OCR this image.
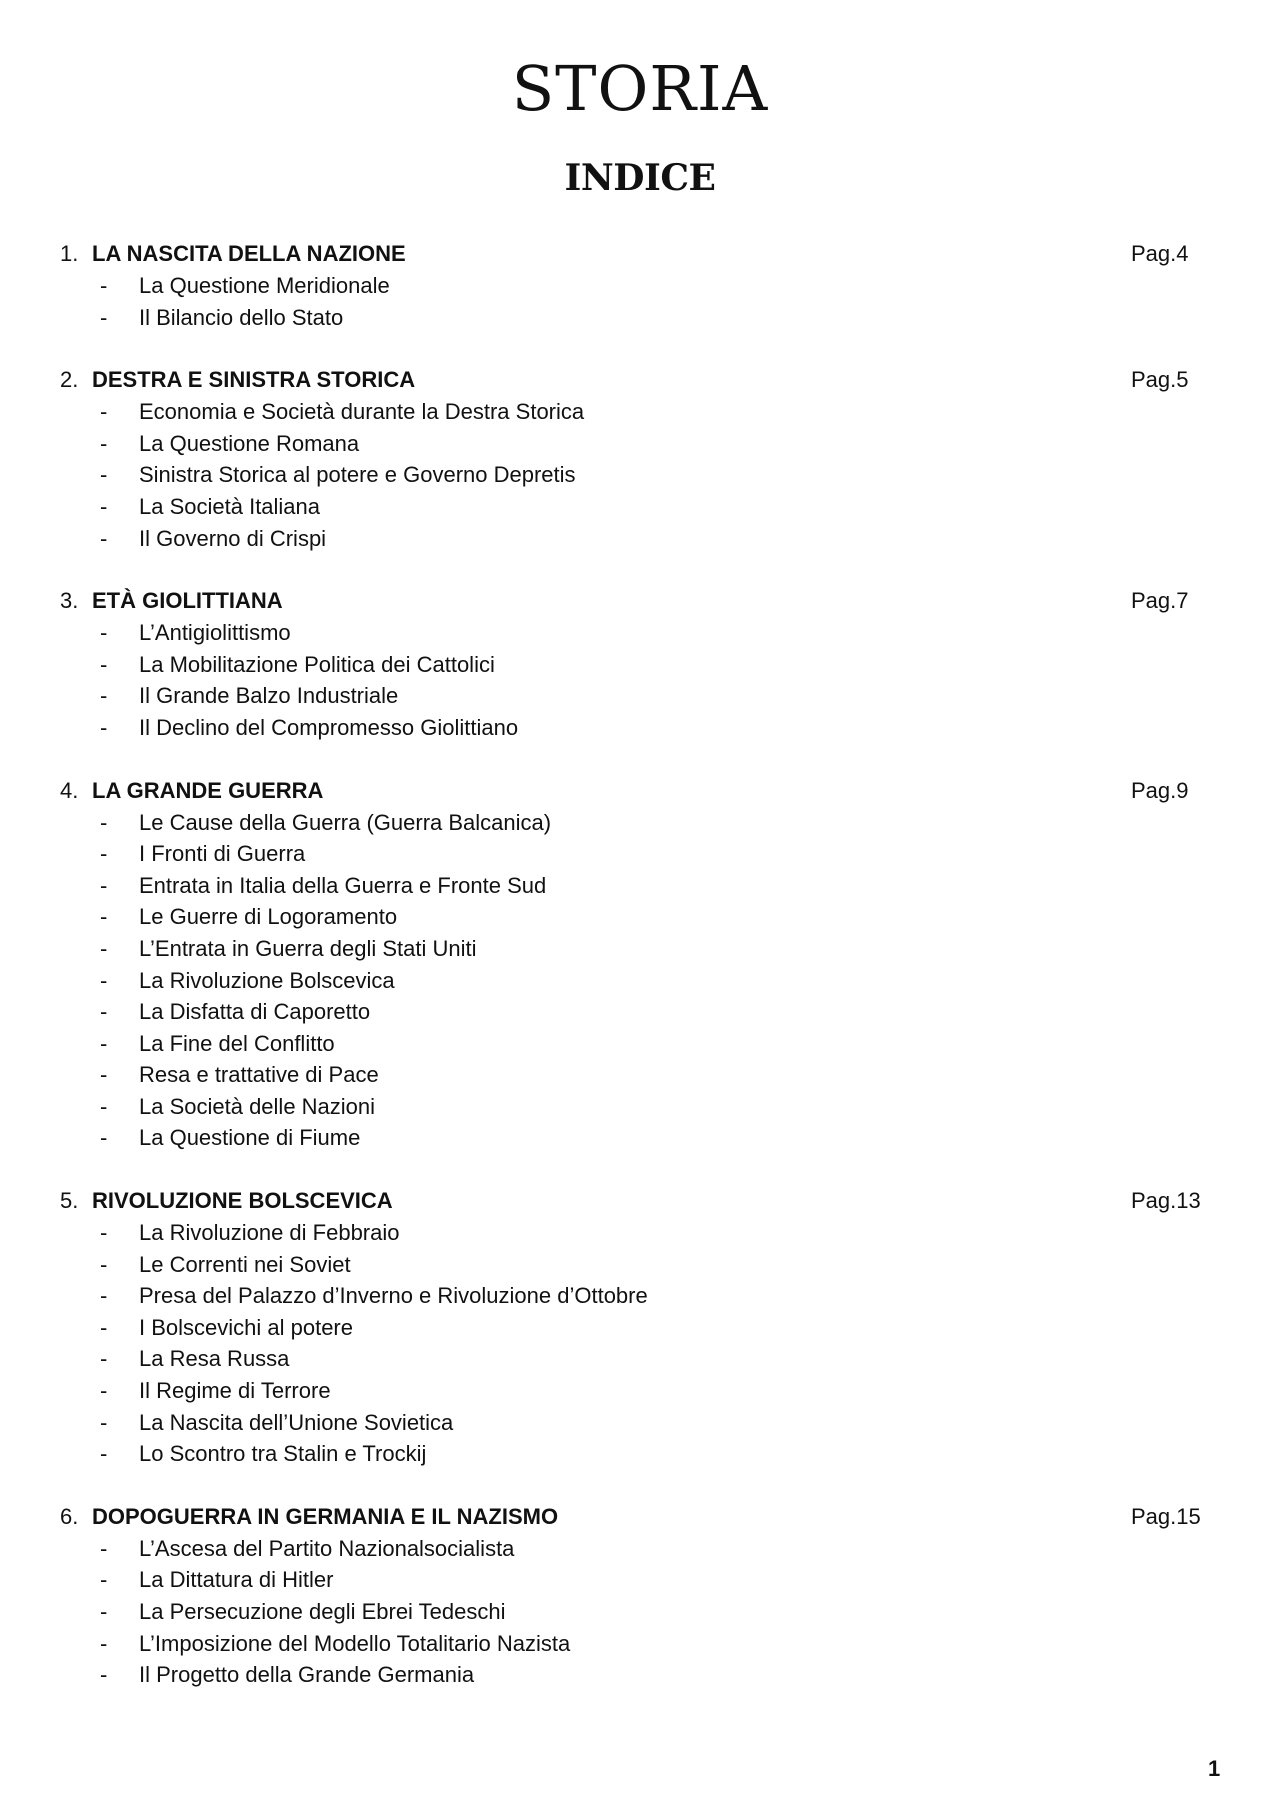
STORIA
INDICE
1. LA NASCITA DELLA NAZIONE	Pag.4
- La Questione Meridionale
- Il Bilancio dello Stato
2. DESTRA E SINISTRA STORICA	Pag.5
- Economia e Società durante la Destra Storica
- La Questione Romana
- Sinistra Storica al potere e Governo Depretis
- La Società Italiana
- Il Governo di Crispi
3. ETÀ GIOLITTIANA	Pag.7
- L’Antigiolittismo
- La Mobilitazione Politica dei Cattolici
- Il Grande Balzo Industriale
- Il Declino del Compromesso Giolittiano
4. LA GRANDE GUERRA	Pag.9
- Le Cause della Guerra (Guerra Balcanica)
- I Fronti di Guerra
- Entrata in Italia della Guerra e Fronte Sud
- Le Guerre di Logoramento
- L’Entrata in Guerra degli Stati Uniti
- La Rivoluzione Bolscevica
- La Disfatta di Caporetto
- La Fine del Conflitto
- Resa e trattative di Pace
- La Società delle Nazioni
- La Questione di Fiume
5. RIVOLUZIONE BOLSCEVICA	Pag.13
- La Rivoluzione di Febbraio
- Le Correnti nei Soviet
- Presa del Palazzo d’Inverno e Rivoluzione d’Ottobre
- I Bolscevichi al potere
- La Resa Russa
- Il Regime di Terrore
- La Nascita dell’Unione Sovietica
- Lo Scontro tra Stalin e Trockij
6. DOPOGUERRA IN GERMANIA E IL NAZISMO	Pag.15
- L’Ascesa del Partito Nazionalsocialista
- La Dittatura di Hitler
- La Persecuzione degli Ebrei Tedeschi
- L’Imposizione del Modello Totalitario Nazista
- Il Progetto della Grande Germania
1
